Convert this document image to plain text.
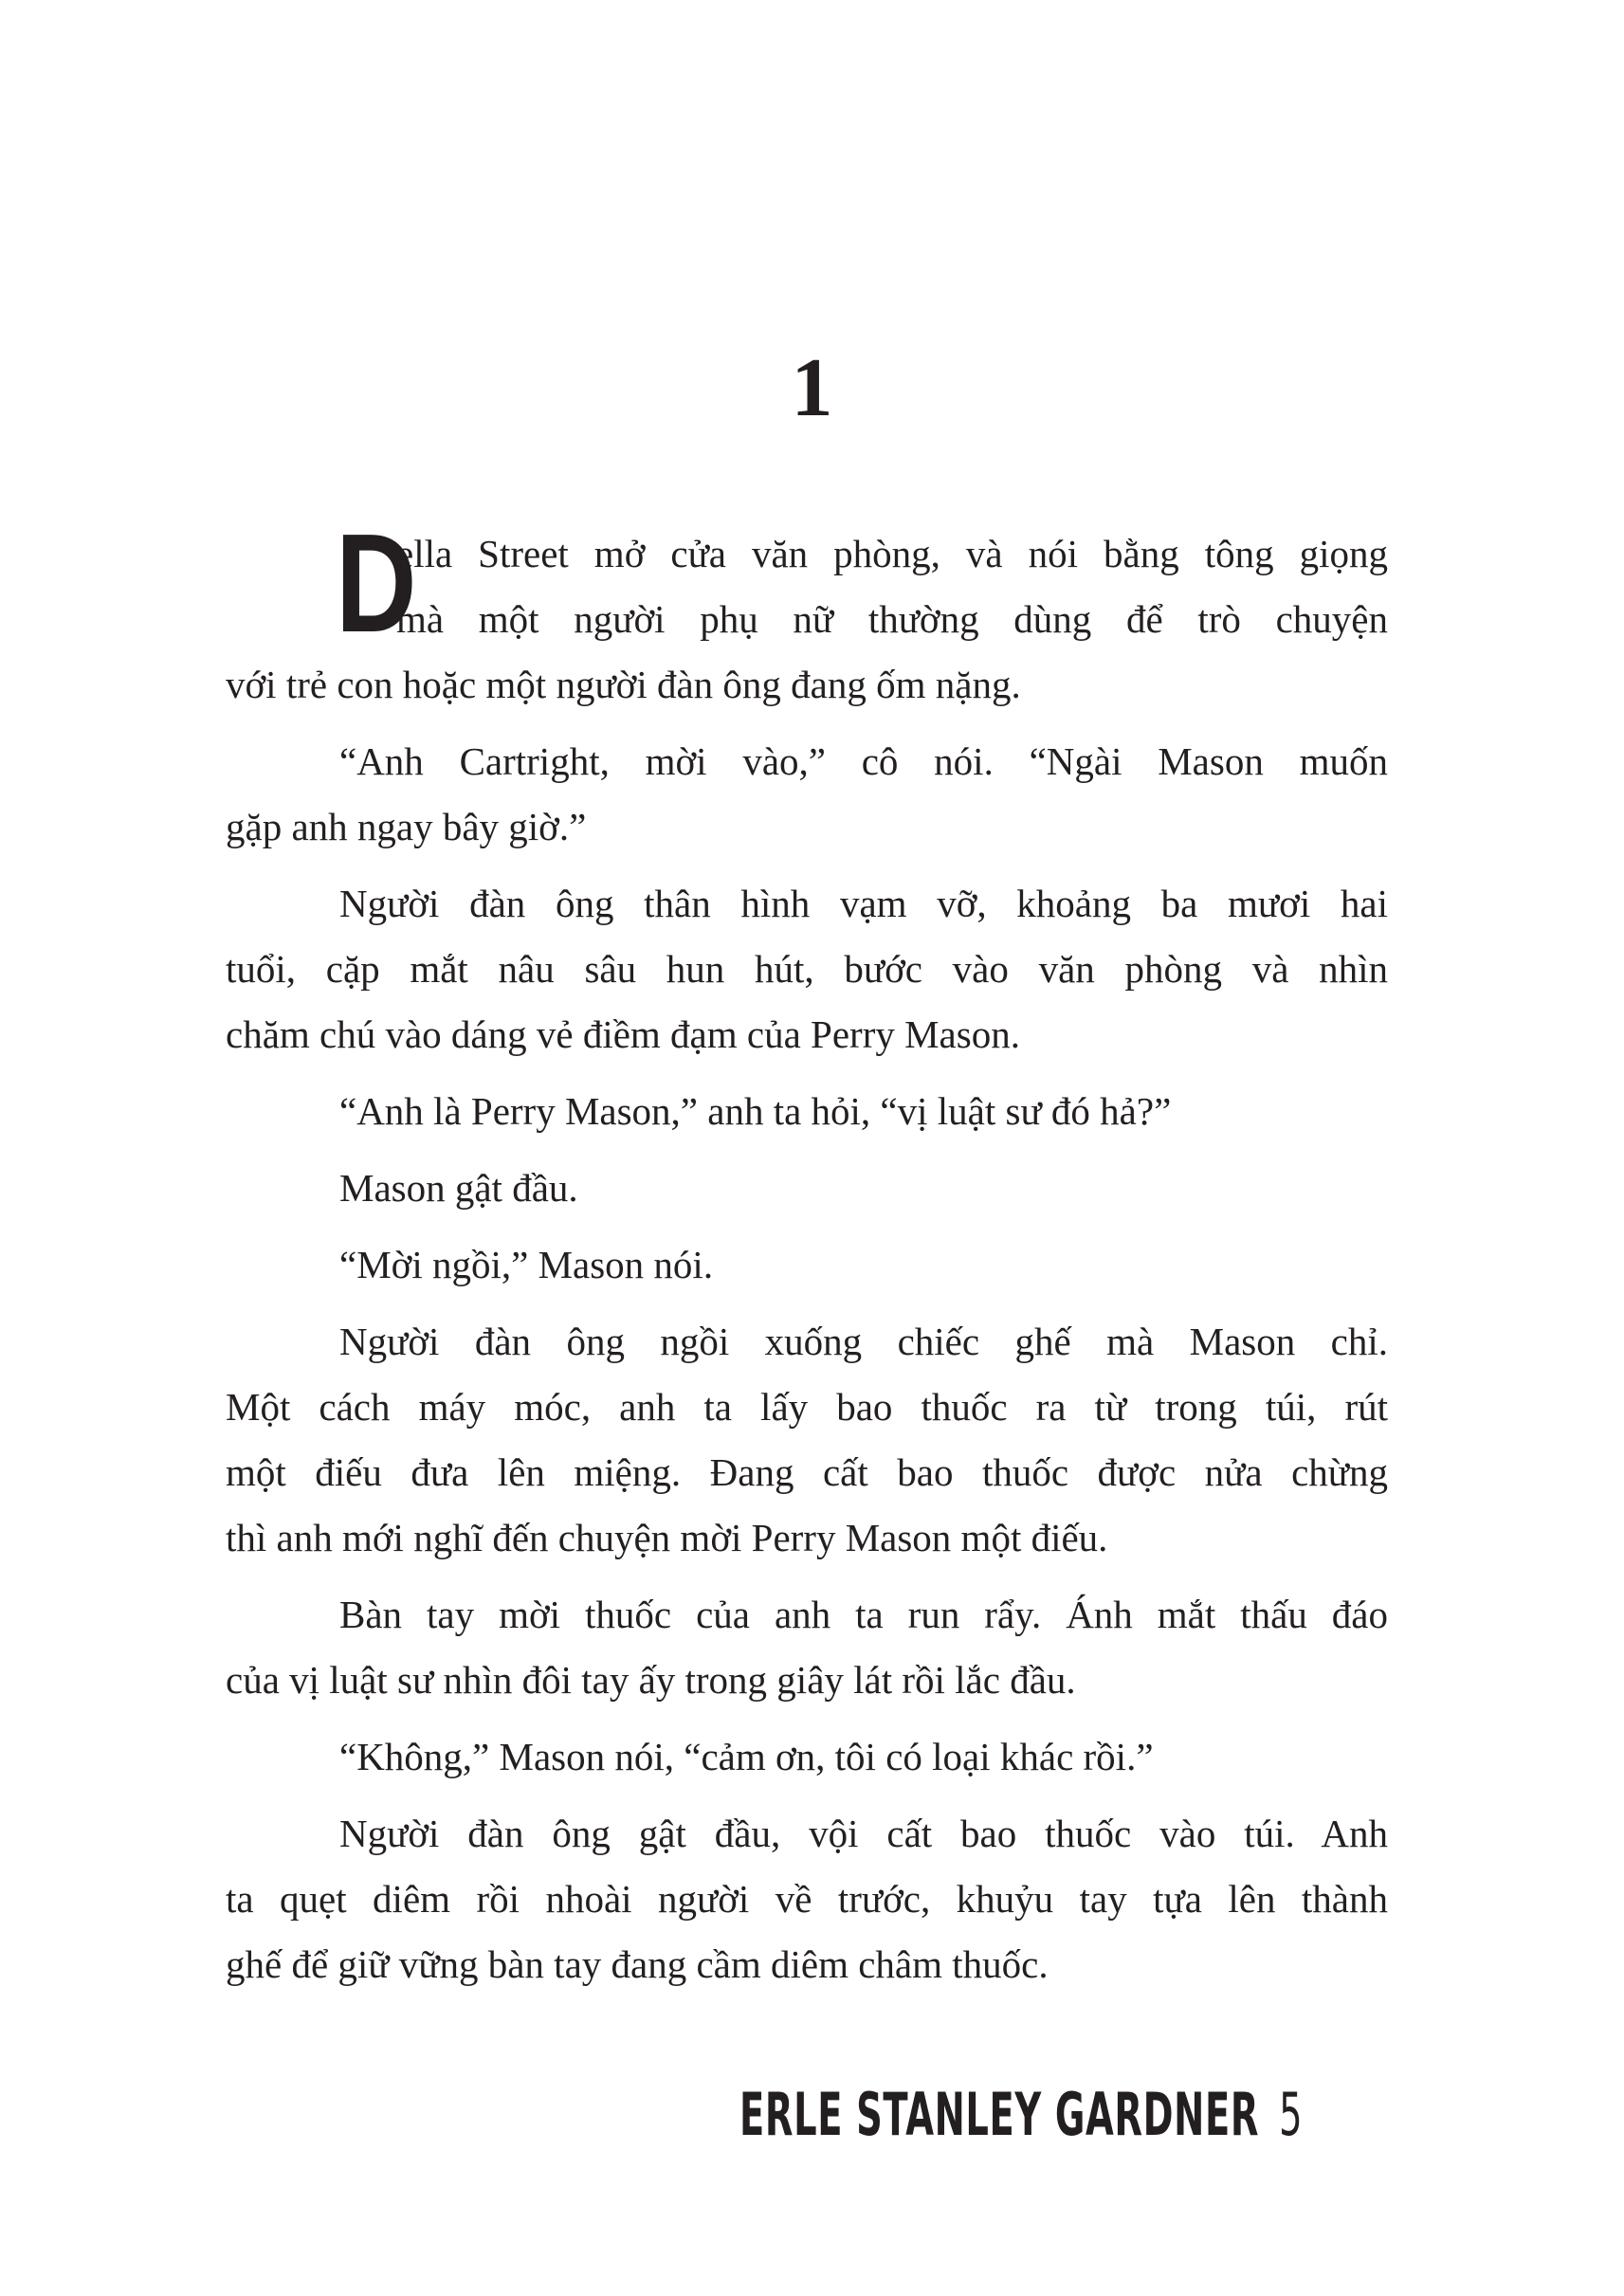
1
D
ella Street mở cửa văn phòng, và nói bằng tông giọng
mà một người phụ nữ thường dùng để trò chuyện
với trẻ con hoặc một người đàn ông đang ốm nặng.
“Anh Cartright, mời vào,” cô nói. “Ngài Mason muốn
gặp anh ngay bây giờ.”
Người đàn ông thân hình vạm vỡ, khoảng ba mươi hai
tuổi, cặp mắt nâu sâu hun hút, bước vào văn phòng và nhìn
chăm chú vào dáng vẻ điềm đạm của Perry Mason.
“Anh là Perry Mason,” anh ta hỏi, “vị luật sư đó hả?”
Mason gật đầu.
“Mời ngồi,” Mason nói.
Người đàn ông ngồi xuống chiếc ghế mà Mason chỉ.
Một cách máy móc, anh ta lấy bao thuốc ra từ trong túi, rút
một điếu đưa lên miệng. Đang cất bao thuốc được nửa chừng
thì anh mới nghĩ đến chuyện mời Perry Mason một điếu.
Bàn tay mời thuốc của anh ta run rẩy. Ánh mắt thấu đáo
của vị luật sư nhìn đôi tay ấy trong giây lát rồi lắc đầu.
“Không,” Mason nói, “cảm ơn, tôi có loại khác rồi.”
Người đàn ông gật đầu, vội cất bao thuốc vào túi. Anh
ta quẹt diêm rồi nhoài người về trước, khuỷu tay tựa lên thành
ghế để giữ vững bàn tay đang cầm diêm châm thuốc.
ERLE STANLEY GARDNER 5
